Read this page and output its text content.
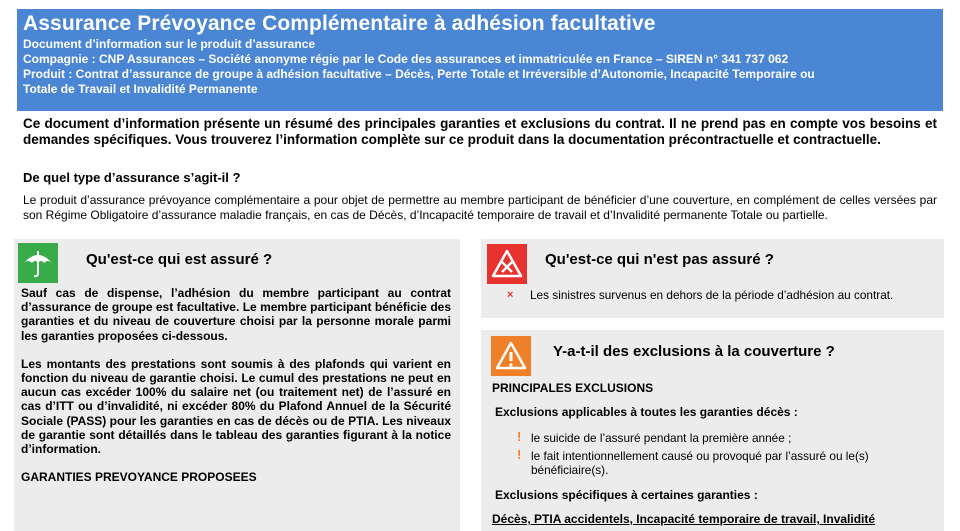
Assurance Prévoyance Complémentaire à adhésion facultative
Document d’information sur le produit d’assurance
Compagnie : CNP Assurances – Société anonyme régie par le Code des assurances et immatriculée en France – SIREN n° 341 737 062
Produit : Contrat d’assurance de groupe à adhésion facultative – Décès, Perte Totale et Irréversible d’Autonomie, Incapacité Temporaire ou
Totale de Travail et Invalidité Permanente
Ce document d’information présente un résumé des principales garanties et exclusions du contrat. Il ne prend pas en compte vos besoins et demandes spécifiques. Vous trouverez l’information complète sur ce produit dans la documentation précontractuelle et contractuelle.
De quel type d’assurance s’agit-il ?
Le produit d’assurance prévoyance complémentaire a pour objet de permettre au membre participant de bénéficier d’une couverture, en complément de celles versées par son Régime Obligatoire d’assurance maladie français, en cas de Décès, d’Incapacité temporaire de travail et d’Invalidité permanente Totale ou partielle.
Qu'est-ce qui est assuré ?

Sauf cas de dispense, l’adhésion du membre participant au contrat d’assurance de groupe est facultative. Le membre participant bénéficie des garanties et du niveau de couverture choisi par la personne morale parmi les garanties proposées ci-dessous.

Les montants des prestations sont soumis à des plafonds qui varient en fonction du niveau de garantie choisi. Le cumul des prestations ne peut en aucun cas excéder 100% du salaire net (ou traitement net) de l’assuré en cas d’ITT ou d’invalidité, ni excéder 80% du Plafond Annuel de la Sécurité Sociale (PASS) pour les garanties en cas de décès ou de PTIA. Les niveaux de garantie sont détaillés dans le tableau des garanties figurant à la notice d’information.

GARANTIES PREVOYANCE PROPOSEES
Qu'est-ce qui n'est pas assuré ?
× Les sinistres survenus en dehors de la période d’adhésion au contrat.
Y-a-t-il des exclusions à la couverture ?
PRINCIPALES EXCLUSIONS
Exclusions applicables à toutes les garanties décès :
! le suicide de l’assuré pendant la première année ;
! le fait intentionnellement causé ou provoqué par l’assuré ou le(s) bénéficiaire(s).
Exclusions spécifiques à certaines garanties :
Décès, PTIA accidentels, Incapacité temporaire de travail, Invalidité
